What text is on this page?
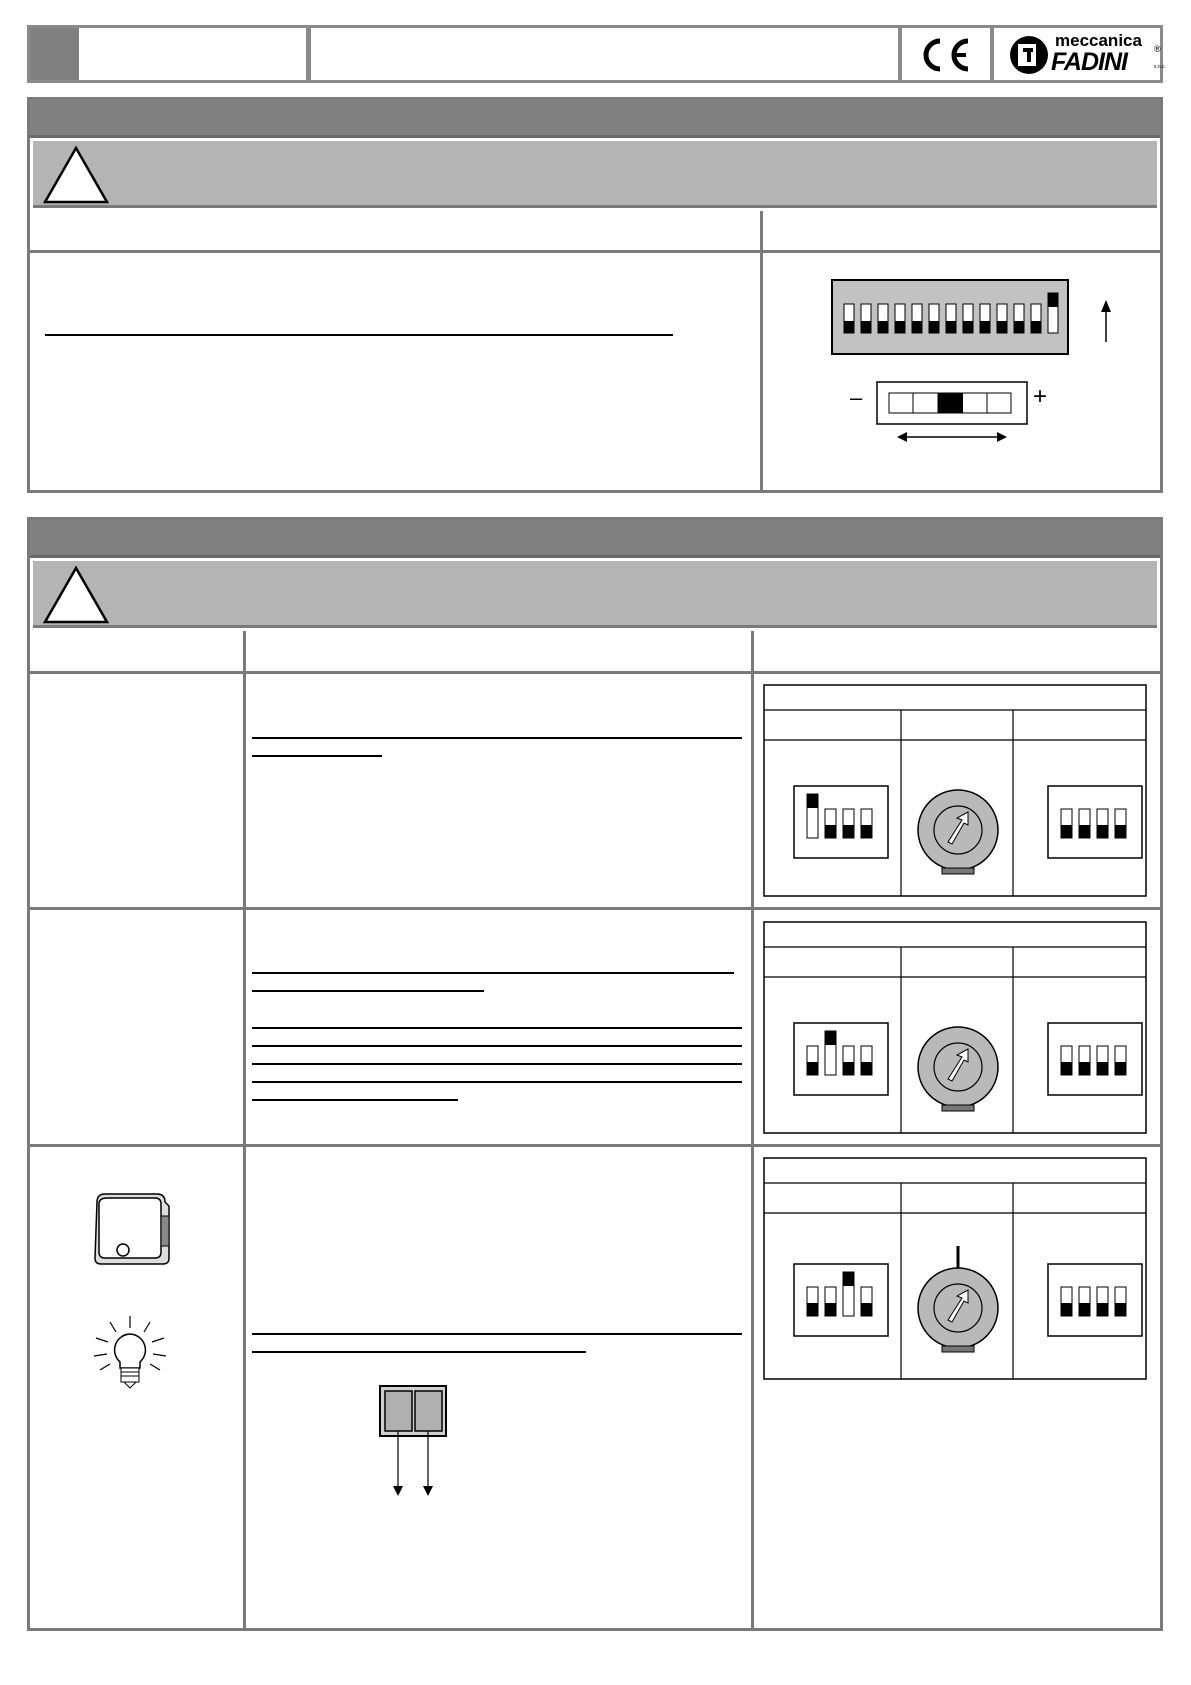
meccanica
FADINI	®
s.n.c.
–	+
